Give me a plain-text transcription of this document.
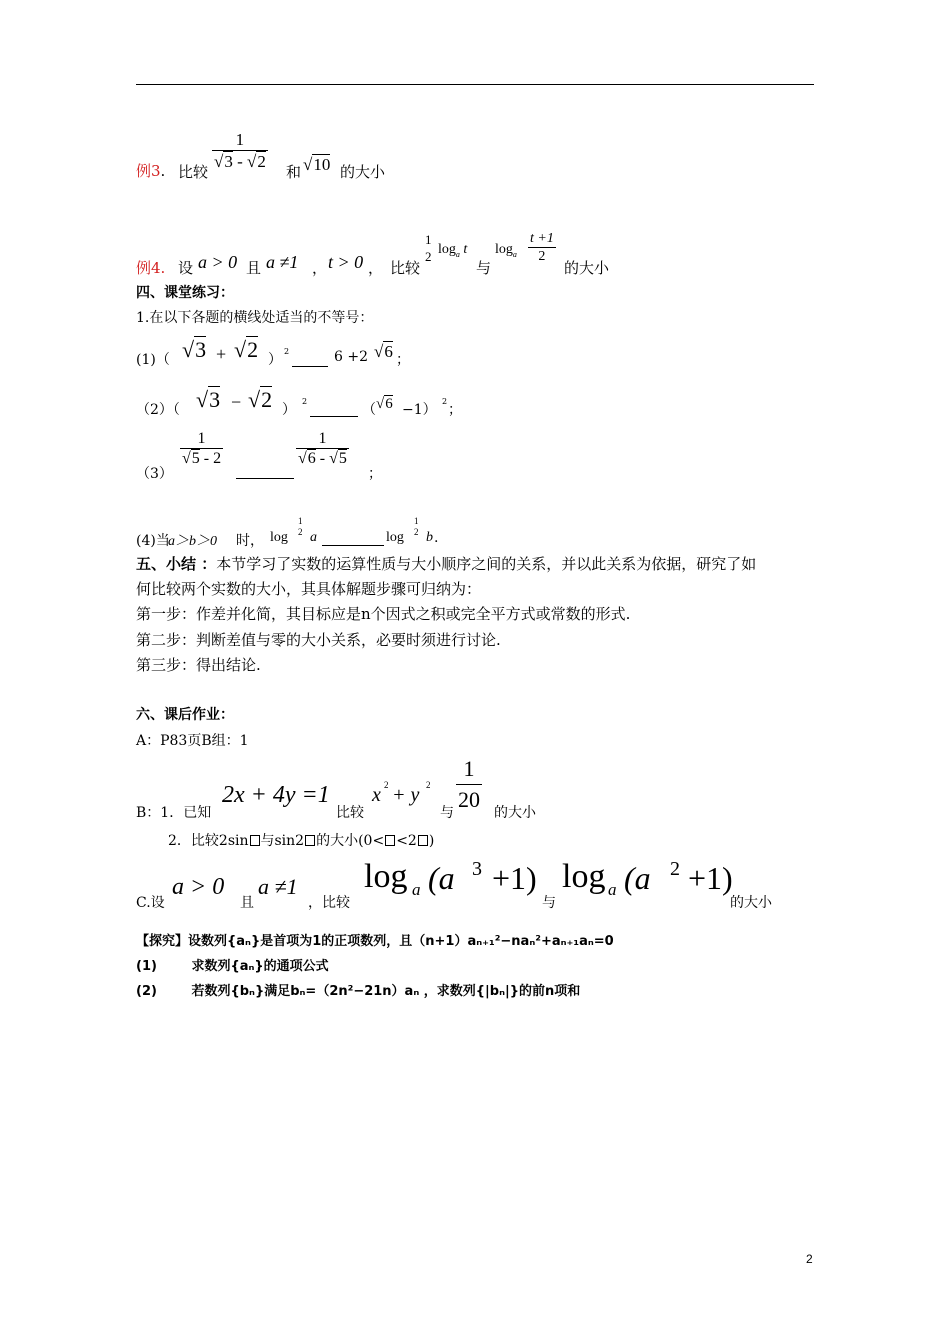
例3. 比较 $\frac{1}{√3 - √2}$ 和 √10 的大小
例4. 设 a > 0 且 a ≠1 ， t > 0 ， 比较
1
2 $\log_a t$
与
$\log_a \frac{t +1}{2}$
的大小
四、课堂练习：
1.在以下各题的横线处适当的不等号：
(1)（ √3 + √2 ）
2	6 +2 √6 ；
（2）（ √3 − √2 ）
2
（ √6 −1）
2
；
（3）
$\frac{1}{√5 - 2}$	$\frac{1}{√6 - √5}$
；
(4)当
a＞b＞0 时， log
1
2 a	log
1
2 b .
五、小结 ：本节学习了实数的运算性质与大小顺序之间的关系，并以此关系为依据，研究了如
何比较两个实数的大小，其具体解题步骤可归纳为：
第一步：作差并化简，其目标应是n个因式之积或完全平方式或常数的形式.
第二步：判断差值与零的大小关系，必要时须进行讨论.
第三步：得出结论.
六、课后作业：
A：P83页B组：1
B：1．已知
2x + 4y =1
比较
x 2 + y 2
与 $\frac{1}{20}$ 的大小
2．比较2sin 与sin2 的大小(0< <2 )
C.设
a > 0
且
a ≠1
，比较
log a (a 3 +1)
与
log a (a 2 +1)
的大小
【探究】设数列{aₙ}是首项为1的正项数列，且（n+1）aₙ₊₁²−naₙ²+aₙ₊₁aₙ=0
(1)	求数列{aₙ}的通项公式
(2)	若数列{bₙ}满足bₙ=（2n²−21n）aₙ ，求数列{|bₙ|}的前n项和
2
